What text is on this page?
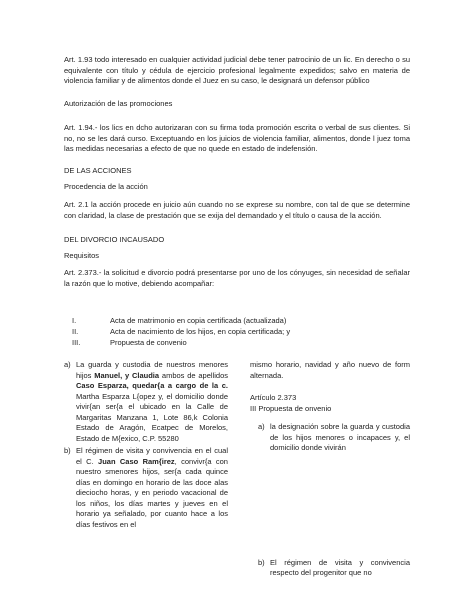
Art. 1.93 todo interesado en cualquier actividad judicial debe tener patrocinio de un lic. En derecho o su equivalente con título y cédula de ejercicio profesional legalmente expedidos; salvo en materia de violencia familiar y de alimentos donde el Juez en su caso, le designará un defensor público

Autorización de las promociones

Art. 1.94.- los lics en dcho autorizaran con su firma toda promoción escrita o verbal de sus clientes. Si no, no se les dará curso. Exceptuando en los juicios de violencia familiar, alimentos, donde l juez toma las medidas necesarias a efecto de que no quede en estado de indefensión.

DE LAS ACCIONES

Procedencia de la acción

Art. 2.1 la acción procede en juicio aún cuando no se exprese su nombre, con tal de que se determine con claridad, la clase de prestación que se exija del demandado y el título o causa de la acción.

DEL DIVORCIO INCAUSADO

Requisitos

Art. 2.373.- la solicitud e divorcio podrá presentarse por uno de los cónyuges, sin necesidad de señalar la razón que lo motive, debiendo acompañar:

I.	Acta de matrimonio en copia certificada (actualizada)
II.	Acta de nacimiento de los hijos, en copia certificada; y
III.	Propuesta de convenio
a) La guarda y custodia de nuestros menores hijos Manuel, y Claudia ambos de apellidos Caso Esparza, quedar{a a cargo de la c. Martha Esparza L{opez y, el domicilio donde vivir{an ser{a el ubicado en la Calle de Margaritas Manzana 1, Lote 86,k Colonia Estado de Aragón, Ecatpec de Morelos, Estado de M{exico, C.P. 55280
b) El régimen de visita y convivencia en el cual el C. Juan Caso Ram{irez, convivr{a con nuestro smenores hijos, ser{a cada quince días en domingo en horario de las doce alas dieciocho horas, y en periodo vacacional de los niños, los días martes y jueves en el horario ya señalado, por cuanto hace a los días festivos en el

mismo horario, navidad y año nuevo de form alternada.

Artículo 2.373

III Propuesta de onvenio

a) la designación sobre la guarda y custodia de los hijos menores o incapaces y, el domicilio donde vivirán
b) El régimen de visita y convivencia respecto del progenitor que no
